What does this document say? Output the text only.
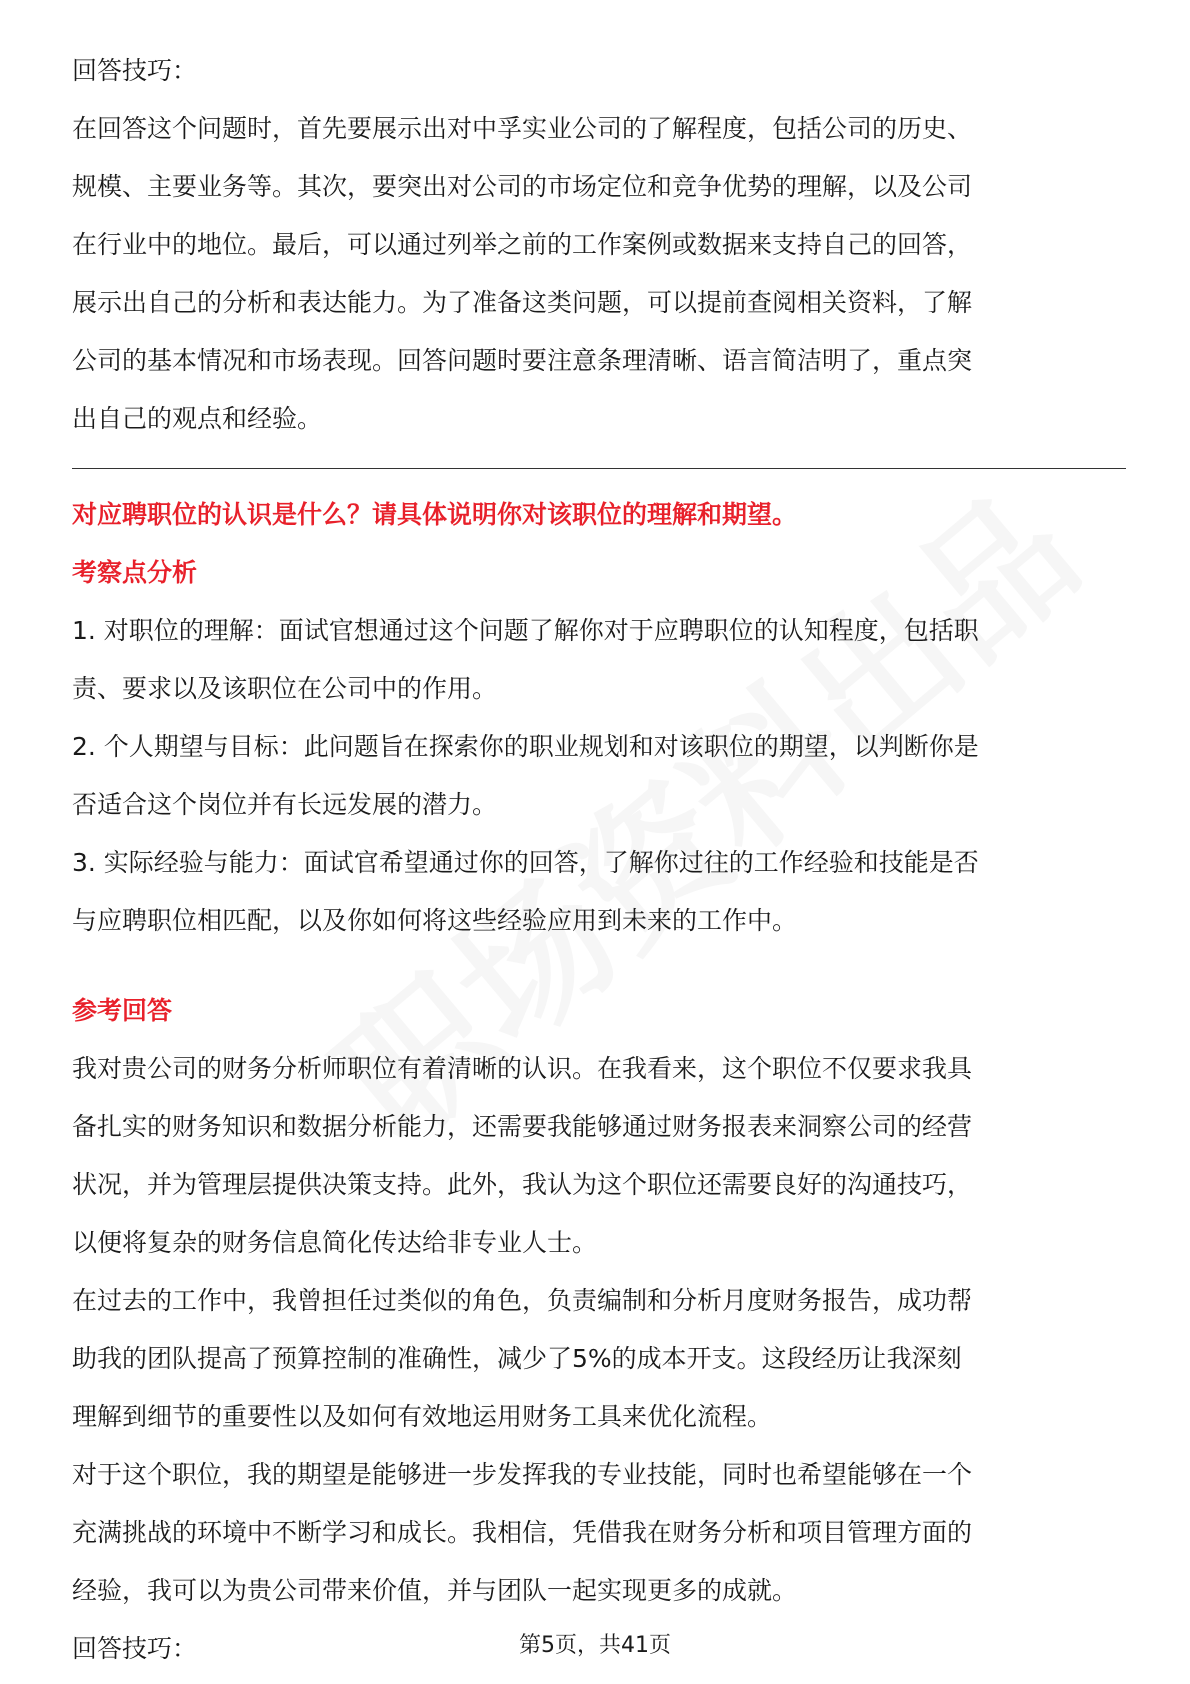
回答技巧：

在回答这个问题时，首先要展示出对中孚实业公司的了解程度，包括公司的历史、

规模、主要业务等。其次，要突出对公司的市场定位和竞争优势的理解，以及公司

在行业中的地位。最后，可以通过列举之前的工作案例或数据来支持自己的回答，

展示出自己的分析和表达能力。为了准备这类问题，可以提前查阅相关资料，了解

公司的基本情况和市场表现。回答问题时要注意条理清晰、语言简洁明了，重点突

出自己的观点和经验。

对应聘职位的认识是什么？请具体说明你对该职位的理解和期望。

考察点分析

1. 对职位的理解：面试官想通过这个问题了解你对于应聘职位的认知程度，包括职

责、要求以及该职位在公司中的作用。

2. 个人期望与目标：此问题旨在探索你的职业规划和对该职位的期望，以判断你是

否适合这个岗位并有长远发展的潜力。

3. 实际经验与能力：面试官希望通过你的回答，了解你过往的工作经验和技能是否

与应聘职位相匹配，以及你如何将这些经验应用到未来的工作中。

参考回答

我对贵公司的财务分析师职位有着清晰的认识。在我看来，这个职位不仅要求我具

备扎实的财务知识和数据分析能力，还需要我能够通过财务报表来洞察公司的经营

状况，并为管理层提供决策支持。此外，我认为这个职位还需要良好的沟通技巧，

以便将复杂的财务信息简化传达给非专业人士。

在过去的工作中，我曾担任过类似的角色，负责编制和分析月度财务报告，成功帮

助我的团队提高了预算控制的准确性，减少了5%的成本开支。这段经历让我深刻

理解到细节的重要性以及如何有效地运用财务工具来优化流程。

对于这个职位，我的期望是能够进一步发挥我的专业技能，同时也希望能够在一个

充满挑战的环境中不断学习和成长。我相信，凭借我在财务分析和项目管理方面的

经验，我可以为贵公司带来价值，并与团队一起实现更多的成就。

回答技巧：	第5页，共41页
